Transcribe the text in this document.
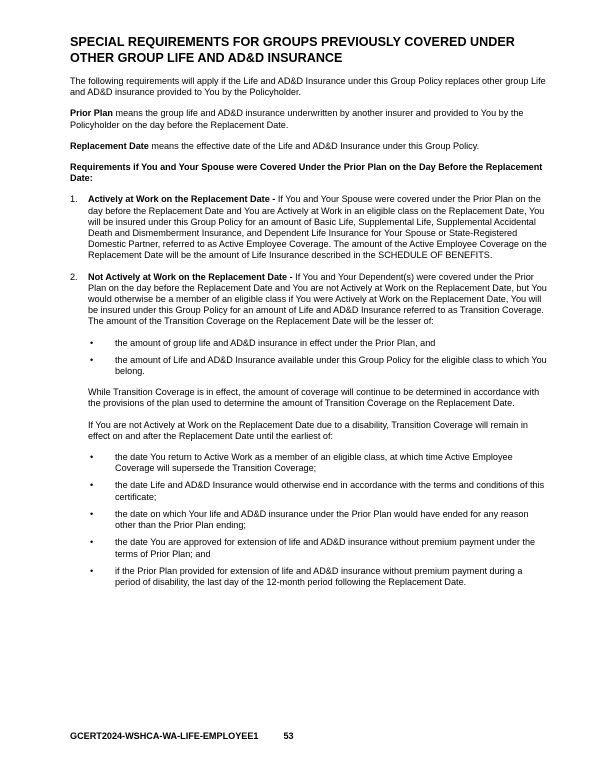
SPECIAL REQUIREMENTS FOR GROUPS PREVIOUSLY COVERED UNDER OTHER GROUP LIFE AND AD&D INSURANCE

The following requirements will apply if the Life and AD&D Insurance under this Group Policy replaces other group Life and AD&D insurance provided to You by the Policyholder.

Prior Plan means the group life and AD&D insurance underwritten by another insurer and provided to You by the Policyholder on the day before the Replacement Date.

Replacement Date means the effective date of the Life and AD&D Insurance under this Group Policy.

Requirements if You and Your Spouse were Covered Under the Prior Plan on the Day Before the Replacement Date:

1. Actively at Work on the Replacement Date - If You and Your Spouse were covered under the Prior Plan on the day before the Replacement Date and You are Actively at Work in an eligible class on the Replacement Date, You will be insured under this Group Policy for an amount of Basic Life, Supplemental Life, Supplemental Accidental Death and Dismemberment Insurance, and Dependent Life Insurance for Your Spouse or State-Registered Domestic Partner, referred to as Active Employee Coverage. The amount of the Active Employee Coverage on the Replacement Date will be the amount of Life Insurance described in the SCHEDULE OF BENEFITS.
2. Not Actively at Work on the Replacement Date - If You and Your Dependent(s) were covered under the Prior Plan on the day before the Replacement Date and You are not Actively at Work on the Replacement Date, but You would otherwise be a member of an eligible class if You were Actively at Work on the Replacement Date, You will be insured under this Group Policy for an amount of Life and AD&D Insurance referred to as Transition Coverage. The amount of the Transition Coverage on the Replacement Date will be the lesser of:
• the amount of group life and AD&D insurance in effect under the Prior Plan, and
• the amount of Life and AD&D Insurance available under this Group Policy for the eligible class to which You belong.

While Transition Coverage is in effect, the amount of coverage will continue to be determined in accordance with the provisions of the plan used to determine the amount of Transition Coverage on the Replacement Date.

If You are not Actively at Work on the Replacement Date due to a disability, Transition Coverage will remain in effect on and after the Replacement Date until the earliest of:

• the date You return to Active Work as a member of an eligible class, at which time Active Employee Coverage will supersede the Transition Coverage;
• the date Life and AD&D Insurance would otherwise end in accordance with the terms and conditions of this certificate;
• the date on which Your life and AD&D insurance under the Prior Plan would have ended for any reason other than the Prior Plan ending;
• the date You are approved for extension of life and AD&D insurance without premium payment under the terms of Prior Plan; and
• if the Prior Plan provided for extension of life and AD&D insurance without premium payment during a period of disability, the last day of the 12-month period following the Replacement Date.
GCERT2024-WSHCA-WA-LIFE-EMPLOYEE1	53
